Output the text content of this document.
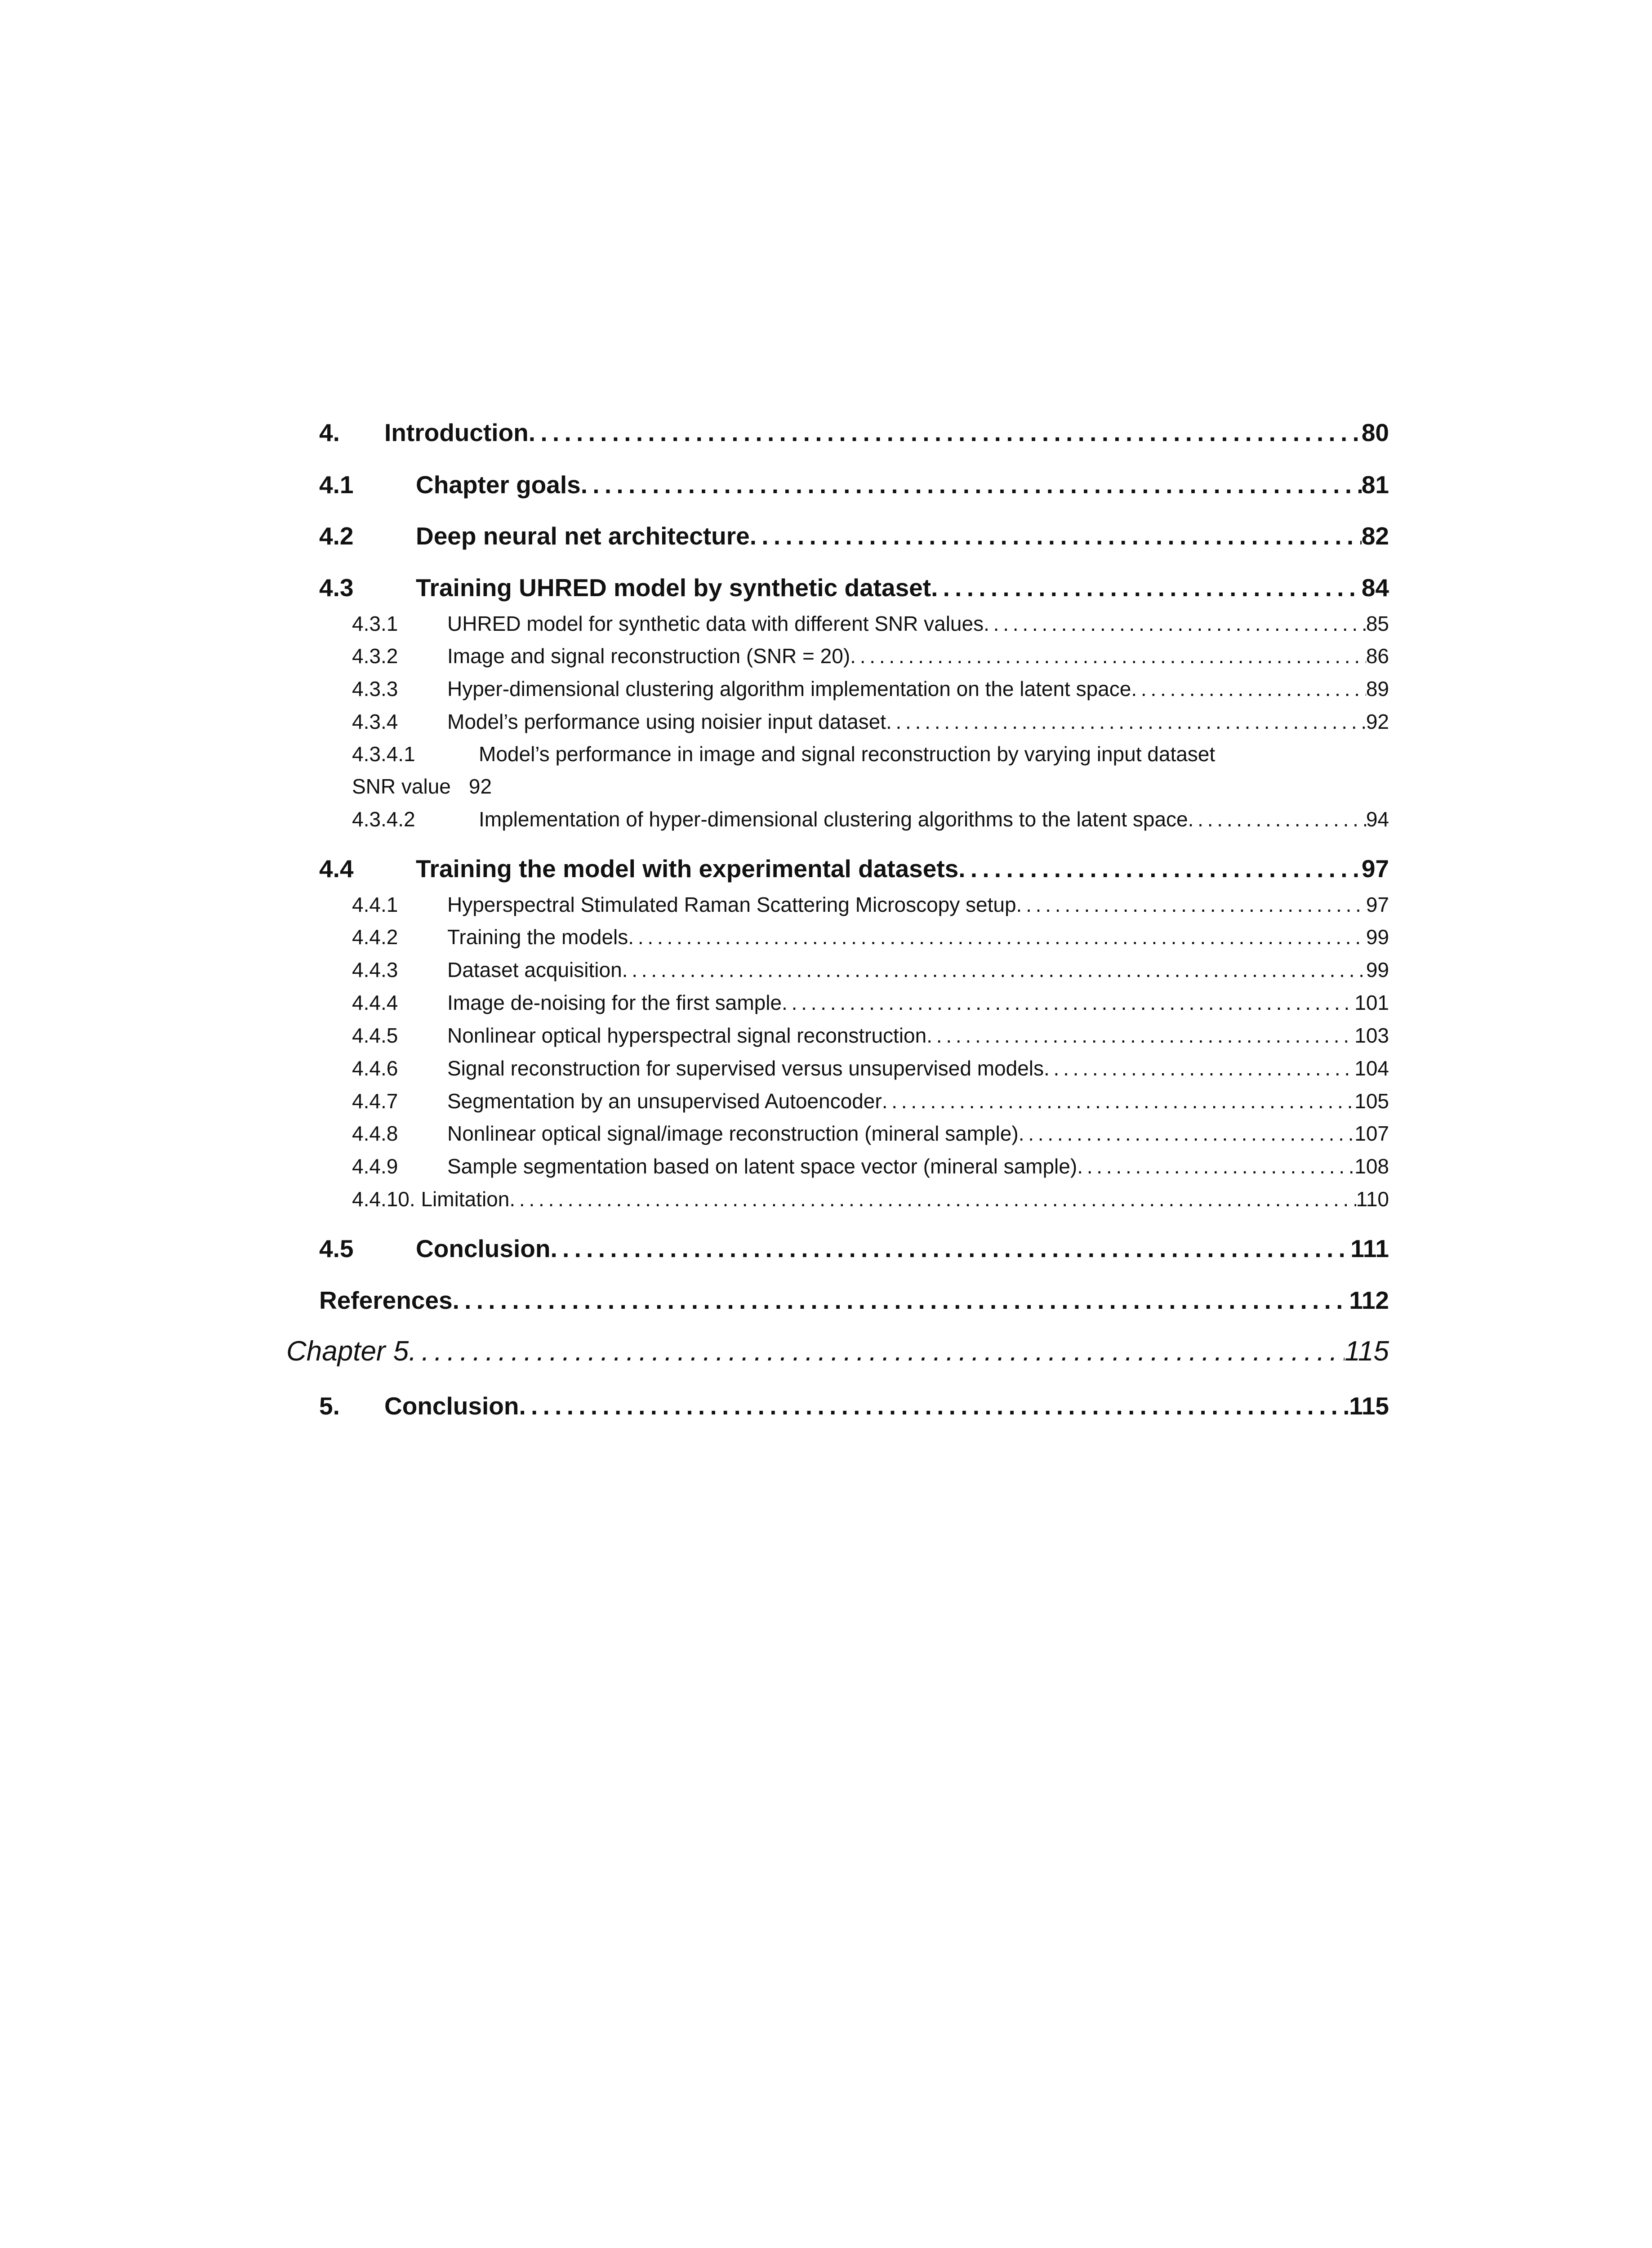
4.	Introduction . . .	80
4.1	Chapter goals . . .	81
4.2	Deep neural net architecture . . .	82
4.3	Training UHRED model by synthetic dataset . . .	84
4.3.1	UHRED model for synthetic data with different SNR values . . .	85
4.3.2	Image and signal reconstruction (SNR = 20) . . .	86
4.3.3	Hyper-dimensional clustering algorithm implementation on the latent space . . .	89
4.3.4	Model’s performance using noisier input dataset . . .	92
4.3.4.1	Model’s performance in image and signal reconstruction by varying input dataset
SNR value 92
4.3.4.2	Implementation of hyper-dimensional clustering algorithms to the latent space . . .	94
4.4	Training the model with experimental datasets . . .	97
4.4.1	Hyperspectral Stimulated Raman Scattering Microscopy setup . . .	97
4.4.2	Training the models . . .	99
4.4.3	Dataset acquisition . . .	99
4.4.4	Image de-noising for the first sample . . .	101
4.4.5	Nonlinear optical hyperspectral signal reconstruction . . .	103
4.4.6	Signal reconstruction for supervised versus unsupervised models . . .	104
4.4.7	Segmentation by an unsupervised Autoencoder . . .	105
4.4.8	Nonlinear optical signal/image reconstruction (mineral sample) . . .	107
4.4.9	Sample segmentation based on latent space vector (mineral sample) . . .	108
4.4.10. Limitation . . .	110
4.5	Conclusion . . .	111
References . . .	112
Chapter 5 . . .	115
5.	Conclusion . . .	115
